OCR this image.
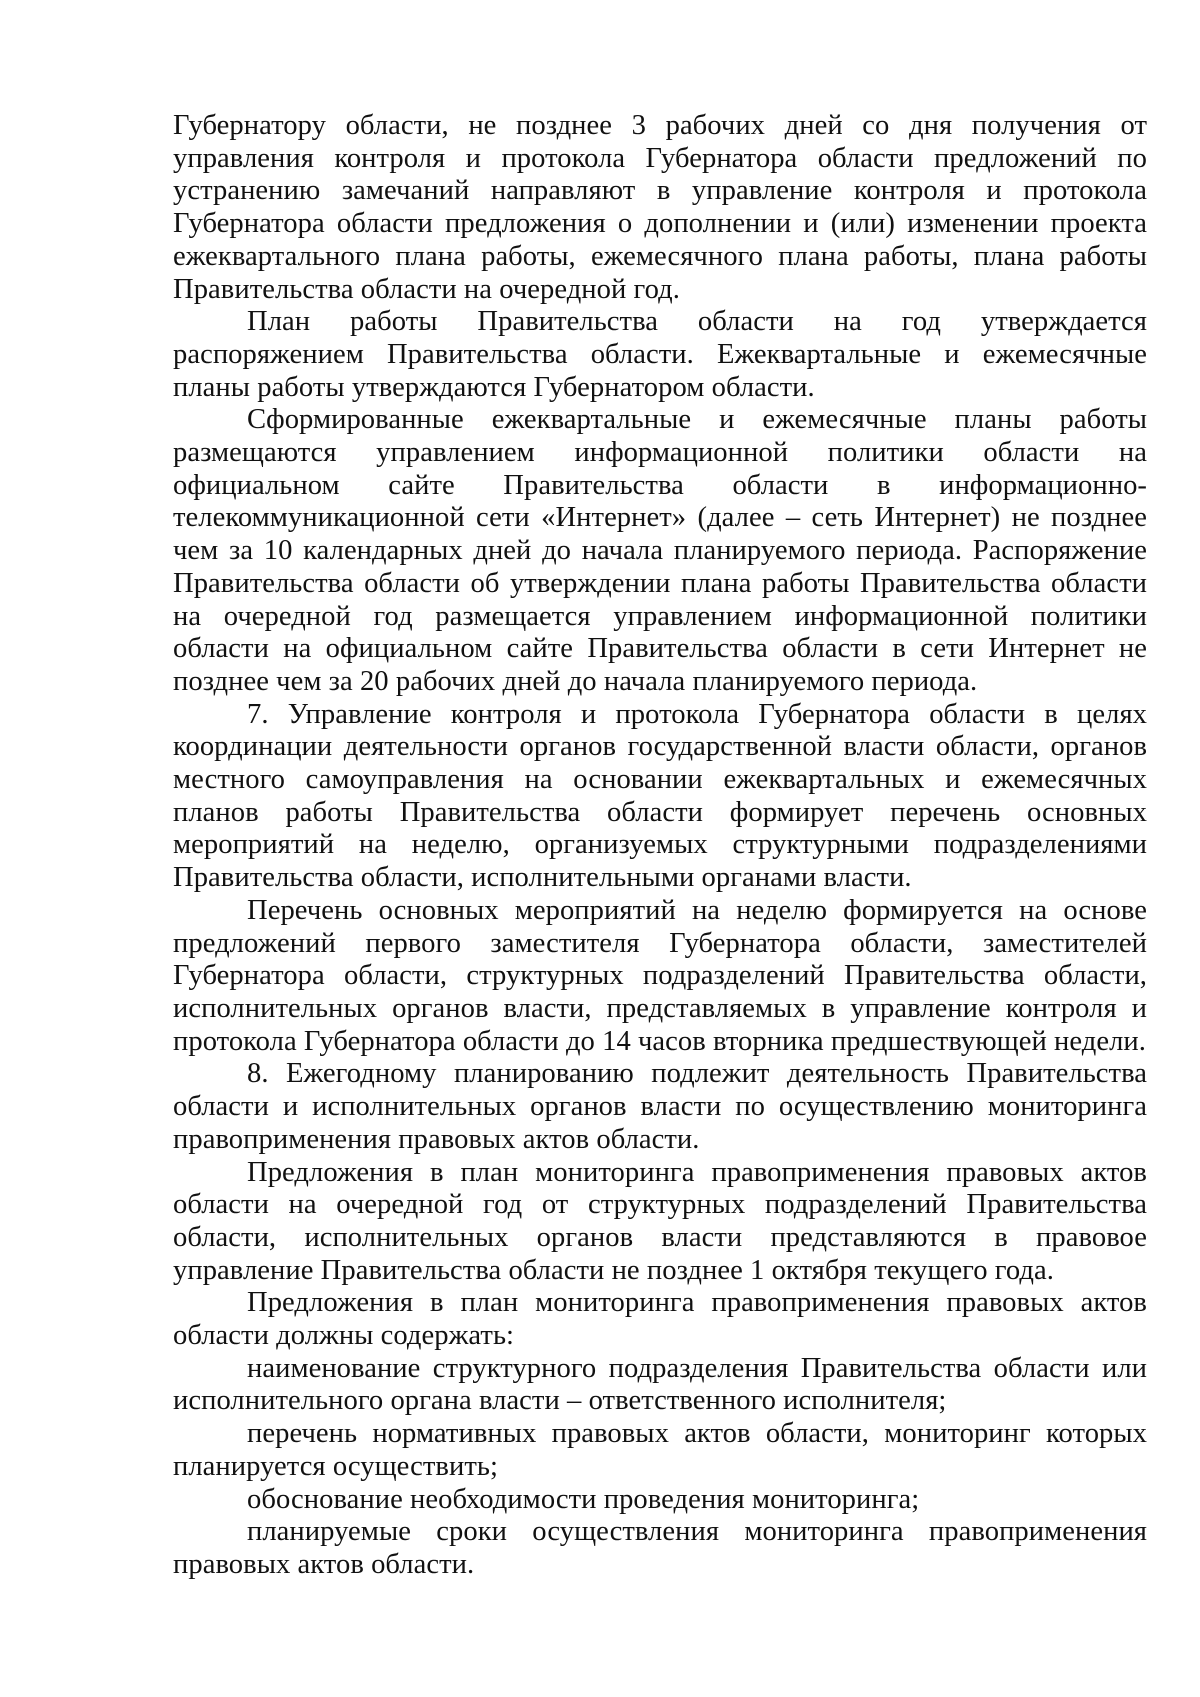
Губернатору области, не позднее 3 рабочих дней со дня получения от управления контроля и протокола Губернатора области предложений по устранению замечаний направляют в управление контроля и протокола Губернатора области предложения о дополнении и (или) изменении проекта ежеквартального плана работы, ежемесячного плана работы, плана работы Правительства области на очередной год.

План работы Правительства области на год утверждается распоряжением Правительства области. Ежеквартальные и ежемесячные планы работы утверждаются Губернатором области.

Сформированные ежеквартальные и ежемесячные планы работы размещаются управлением информационной политики области на официальном сайте Правительства области в информационно-телекоммуникационной сети «Интернет» (далее – сеть Интернет) не позднее чем за 10 календарных дней до начала планируемого периода. Распоряжение Правительства области об утверждении плана работы Правительства области на очередной год размещается управлением информационной политики области на официальном сайте Правительства области в сети Интернет не позднее чем за 20 рабочих дней до начала планируемого периода.

7. Управление контроля и протокола Губернатора области в целях координации деятельности органов государственной власти области, органов местного самоуправления на основании ежеквартальных и ежемесячных планов работы Правительства области формирует перечень основных мероприятий на неделю, организуемых структурными подразделениями Правительства области, исполнительными органами власти.

Перечень основных мероприятий на неделю формируется на основе предложений первого заместителя Губернатора области, заместителей Губернатора области, структурных подразделений Правительства области, исполнительных органов власти, представляемых в управление контроля и протокола Губернатора области до 14 часов вторника предшествующей недели.

8. Ежегодному планированию подлежит деятельность Правительства области и исполнительных органов власти по осуществлению мониторинга правоприменения правовых актов области.

Предложения в план мониторинга правоприменения правовых актов области на очередной год от структурных подразделений Правительства области, исполнительных органов власти представляются в правовое управление Правительства области не позднее 1 октября текущего года.

Предложения в план мониторинга правоприменения правовых актов области должны содержать:

наименование структурного подразделения Правительства области или исполнительного органа власти – ответственного исполнителя;

перечень нормативных правовых актов области, мониторинг которых планируется осуществить;

обоснование необходимости проведения мониторинга;

планируемые сроки осуществления мониторинга правоприменения правовых актов области.
